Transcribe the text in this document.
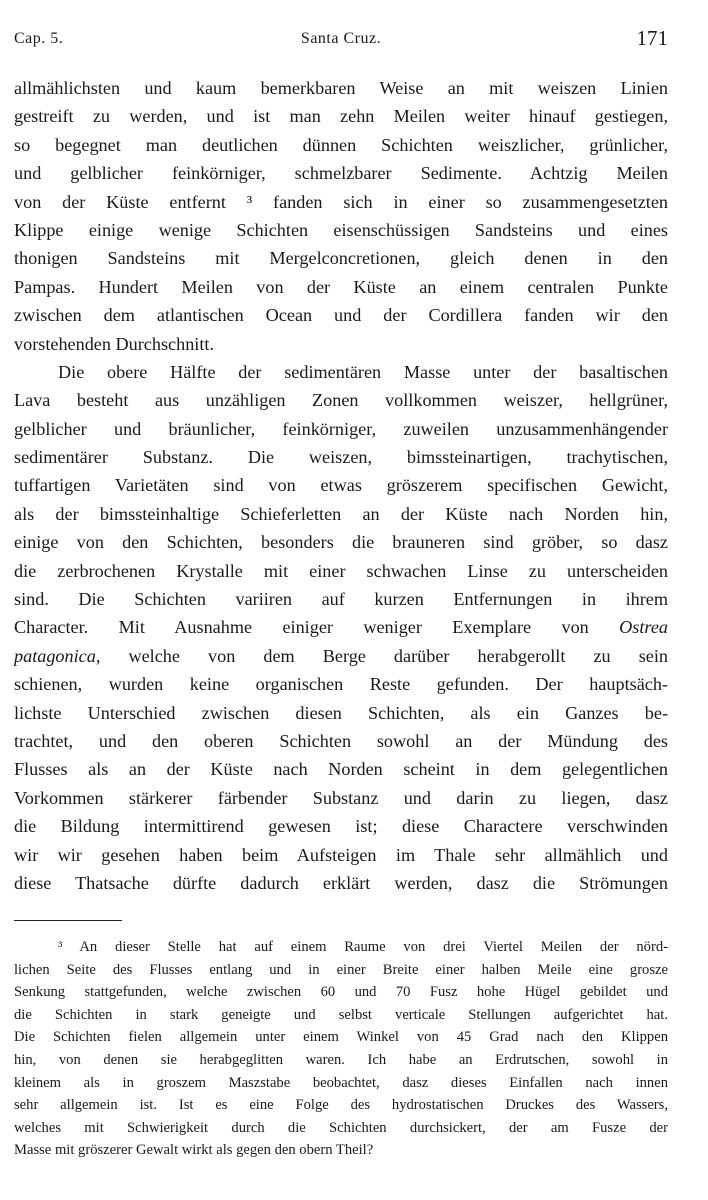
Cap. 5.	Santa Cruz.	171
allmählichsten und kaum bemerkbaren Weise an mit weiszen Linien
gestreift zu werden, und ist man zehn Meilen weiter hinauf gestiegen,
so begegnet man deutlichen dünnen Schichten weiszlicher, grünlicher,
und gelblicher feinkörniger, schmelzbarer Sedimente. Achtzig Meilen
von der Küste entfernt ³ fanden sich in einer so zusammengesetzten
Klippe einige wenige Schichten eisenschüssigen Sandsteins und eines
thonigen Sandsteins mit Mergelconcretionen, gleich denen in den
Pampas. Hundert Meilen von der Küste an einem centralen Punkte
zwischen dem atlantischen Ocean und der Cordillera fanden wir den
vorstehenden Durchschnitt.
Die obere Hälfte der sedimentären Masse unter der basaltischen
Lava besteht aus unzähligen Zonen vollkommen weiszer, hellgrüner,
gelblicher und bräunlicher, feinkörniger, zuweilen unzusammenhängender
sedimentärer Substanz. Die weiszen, bimssteinartigen, trachytischen,
tuffartigen Varietäten sind von etwas gröszerem specifischen Gewicht,
als der bimssteinhaltige Schieferletten an der Küste nach Norden hin,
einige von den Schichten, besonders die brauneren sind gröber, so dasz
die zerbrochenen Krystalle mit einer schwachen Linse zu unterscheiden
sind. Die Schichten variiren auf kurzen Entfernungen in ihrem
Character. Mit Ausnahme einiger weniger Exemplare von Ostrea
patagonica, welche von dem Berge darüber herabgerollt zu sein
schienen, wurden keine organischen Reste gefunden. Der hauptsäch-
lichste Unterschied zwischen diesen Schichten, als ein Ganzes be-
trachtet, und den oberen Schichten sowohl an der Mündung des
Flusses als an der Küste nach Norden scheint in dem gelegentlichen
Vorkommen stärkerer färbender Substanz und darin zu liegen, dasz
die Bildung intermittirend gewesen ist; diese Charactere verschwinden
wir wir gesehen haben beim Aufsteigen im Thale sehr allmählich und
diese Thatsache dürfte dadurch erklärt werden, dasz die Strömungen
³ An dieser Stelle hat auf einem Raume von drei Viertel Meilen der nörd-
lichen Seite des Flusses entlang und in einer Breite einer halben Meile eine grosze
Senkung stattgefunden, welche zwischen 60 und 70 Fusz hohe Hügel gebildet und
die Schichten in stark geneigte und selbst verticale Stellungen aufgerichtet hat.
Die Schichten fielen allgemein unter einem Winkel von 45 Grad nach den Klippen
hin, von denen sie herabgeglitten waren. Ich habe an Erdrutschen, sowohl in
kleinem als in groszem Maszstabe beobachtet, dasz dieses Einfallen nach innen
sehr allgemein ist. Ist es eine Folge des hydrostatischen Druckes des Wassers,
welches mit Schwierigkeit durch die Schichten durchsickert, der am Fusze der
Masse mit gröszerer Gewalt wirkt als gegen den obern Theil?
